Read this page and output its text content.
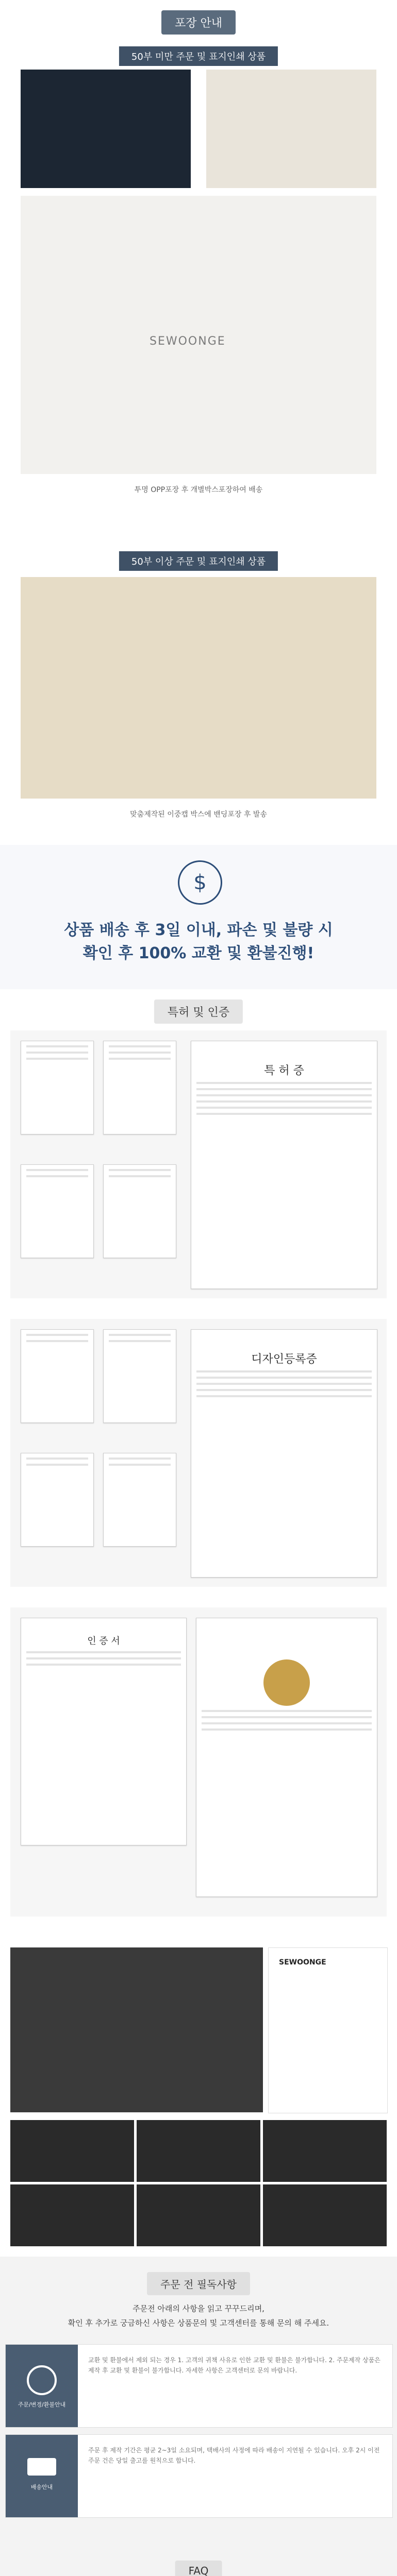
포장 안내
50부 미만 주문 및 표지인쇄 상품
SEWOONGE
투명 OPP포장 후 개별박스포장하여 배송
50부 이상 주문 및 표지인쇄 상품
맞춤제작된 이중캡 박스에 밴딩포장 후 발송
$
상품 배송 후 3일 이내, 파손 및 불량 시
확인 후 100% 교환 및 환불진행!
특허 및 인증
특 허 증
디자인등록증
인 증 서
SEWOONGE
주문 전 필독사항
주문전 아래의 사항을 읽고 꾸꾸드리며,
확인 후 추가로 궁금하신 사항은 상품문의 및 고객센터를 통해 문의 해 주세요.
주문/변경/환불안내
교환 및 환불에서 제외 되는 경우 1. 고객의 귀책 사유로 인한 교환 및 환불은 불가합니다. 2. 주문제작 상품은 제작 후 교환 및 환불이 불가합니다. 자세한 사항은 고객센터로 문의 바랍니다.
배송안내
주문 후 제작 기간은 평균 2~3일 소요되며, 택배사의 사정에 따라 배송이 지연될 수 있습니다. 오후 2시 이전 주문 건은 당일 출고를 원칙으로 합니다.
FAQ
